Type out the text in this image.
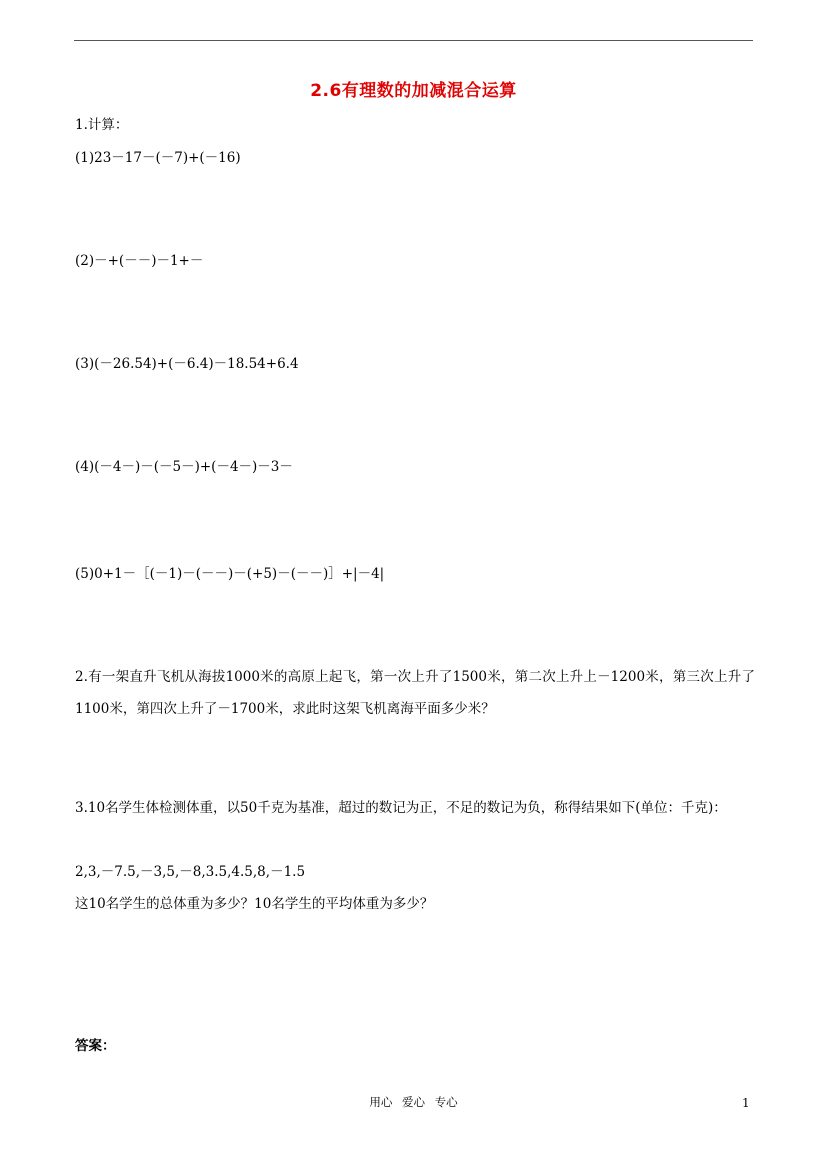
2.6有理数的加减混合运算
1.计算：
(1)23－17－(－7)+(－16)
(2)－+(－－)－1+－
(3)(－26.54)+(－6.4)－18.54+6.4
(4)(－4－)－(－5－)+(－4－)－3－
(5)0+1－［(－1)－(－－)－(+5)－(－－)］+|－4|
2.有一架直升飞机从海拔1000米的高原上起飞，第一次上升了1500米，第二次上升上－1200米，第三次上升了1100米，第四次上升了－1700米，求此时这架飞机离海平面多少米？
3.10名学生体检测体重，以50千克为基准，超过的数记为正，不足的数记为负，称得结果如下(单位：千克)：
2,3,－7.5,－3,5,－8,3.5,4.5,8,－1.5
这10名学生的总体重为多少？10名学生的平均体重为多少？
答案：
用心 爱心 专心	1
